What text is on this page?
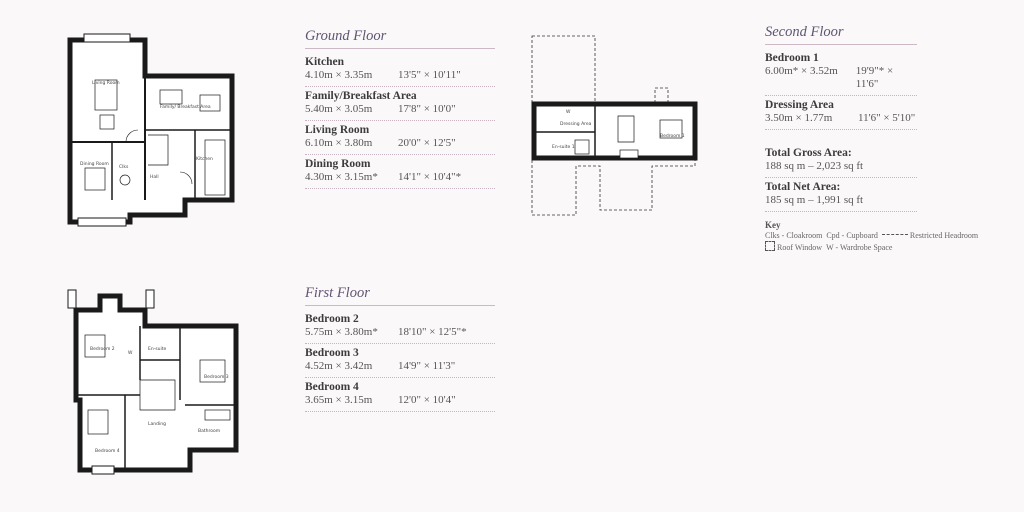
Living Room
Family/ Breakfast Area
Kitchen
Dining Room
Hall
Clks
Bedroom 2
Bedroom 3
Bedroom 4
En-suite
Landing
Bathroom
W
W
Dressing Area
Bedroom 1
En-suite 1
Ground Floor
Kitchen
4.10m × 3.35m	13'5" × 10'11"
Family/Breakfast Area
5.40m × 3.05m	17'8" × 10'0"
Living Room
6.10m × 3.80m	20'0" × 12'5"
Dining Room
4.30m × 3.15m*	14'1" × 10'4"*
First Floor
Bedroom 2
5.75m × 3.80m*	18'10" × 12'5"*
Bedroom 3
4.52m × 3.42m	14'9" × 11'3"
Bedroom 4
3.65m × 3.15m	12'0" × 10'4"
Second Floor
Bedroom 1
6.00m* × 3.52m	19'9"* × 11'6"
Dressing Area
3.50m × 1.77m	11'6" × 5'10"
Total Gross Area:
188 sq m – 2,023 sq ft
Total Net Area:
185 sq m – 1,991 sq ft
Key
Clks - Cloakroom Cpd - Cupboard	Restricted Headroom
Roof Window W - Wardrobe Space
